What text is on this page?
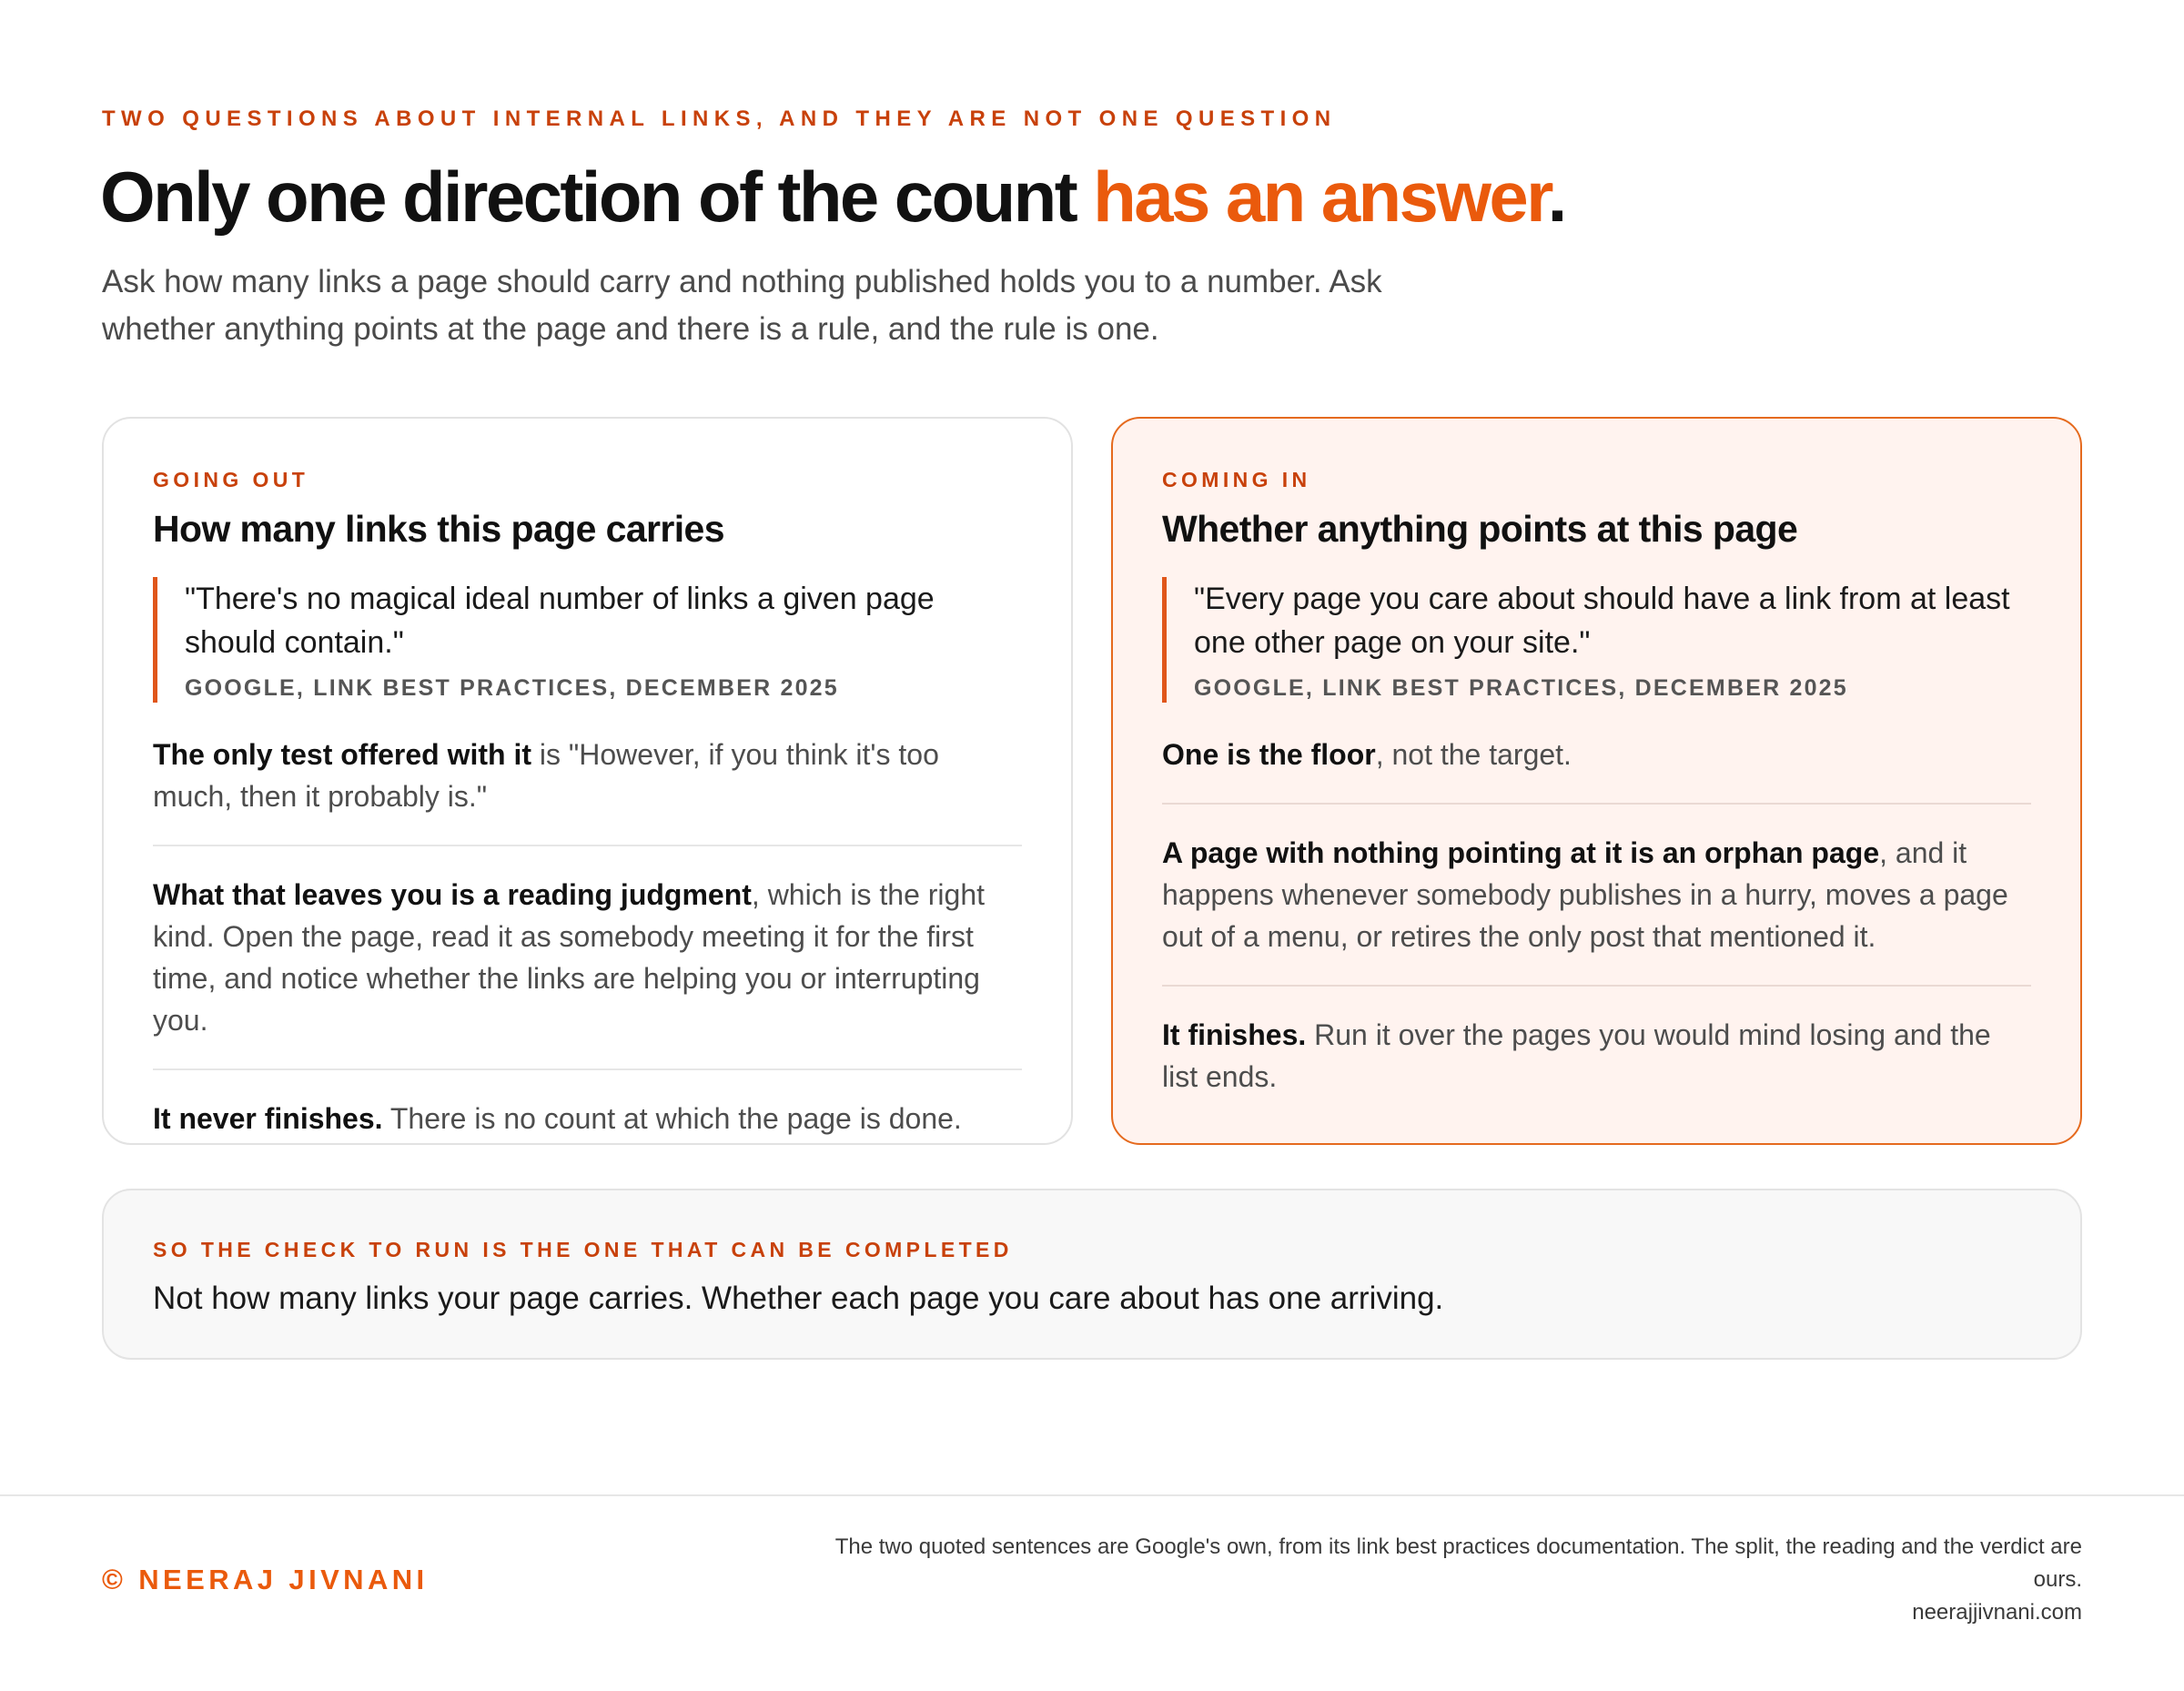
TWO QUESTIONS ABOUT INTERNAL LINKS, AND THEY ARE NOT ONE QUESTION
Only one direction of the count has an answer.

Ask how many links a page should carry and nothing published holds you to a number. Ask whether anything points at the page and there is a rule, and the rule is one.

GOING OUT
How many links this page carries
"There's no magical ideal number of links a given page should contain."
GOOGLE, LINK BEST PRACTICES, DECEMBER 2025

The only test offered with it is "However, if you think it's too much, then it probably is."

What that leaves you is a reading judgment, which is the right kind. Open the page, read it as somebody meeting it for the first time, and notice whether the links are helping you or interrupting you.

It never finishes. There is no count at which the page is done.

COMING IN
Whether anything points at this page
"Every page you care about should have a link from at least one other page on your site."
GOOGLE, LINK BEST PRACTICES, DECEMBER 2025

One is the floor, not the target.

A page with nothing pointing at it is an orphan page, and it happens whenever somebody publishes in a hurry, moves a page out of a menu, or retires the only post that mentioned it.

It finishes. Run it over the pages you would mind losing and the list ends.

SO THE CHECK TO RUN IS THE ONE THAT CAN BE COMPLETED

Not how many links your page carries. Whether each page you care about has one arriving.

© NEERAJ JIVNANI

The two quoted sentences are Google's own, from its link best practices documentation. The split, the reading and the verdict are ours.

neerajjivnani.com
